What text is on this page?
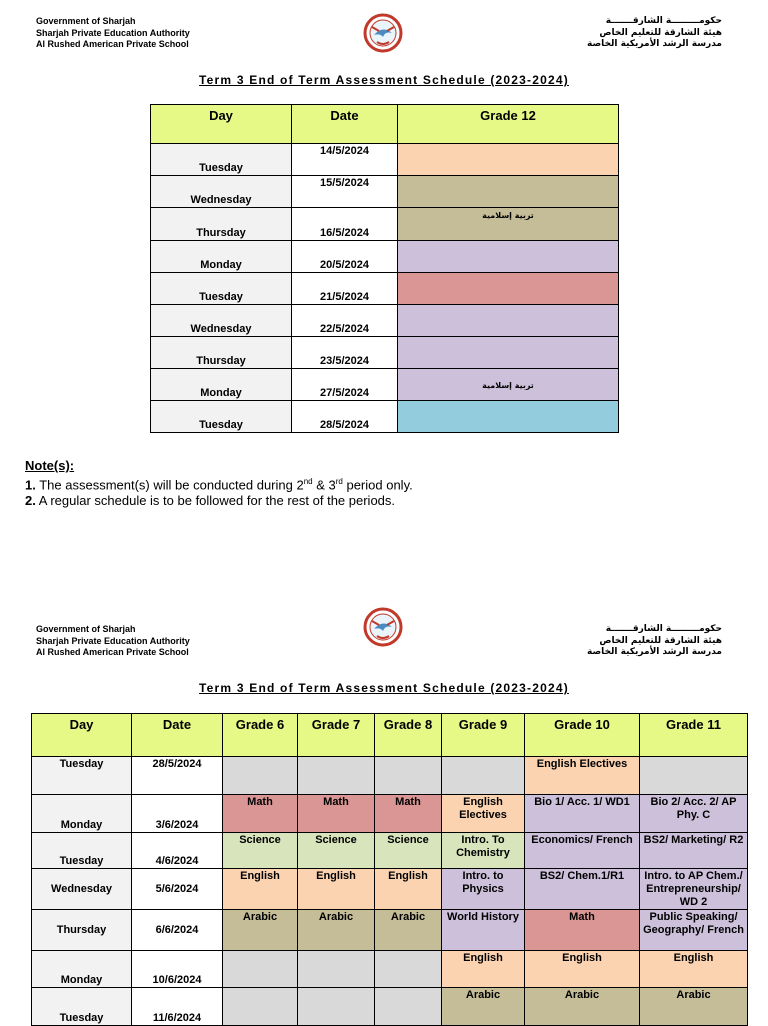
Government of Sharjah
Sharjah Private Education Authority
Al Rushed American Private School
حكومـــــــــة الشارقـــــــة
هيئة الشارقة للتعليم الخاص
مدرسة الرشد الأمريكية الخاصة
Term 3 End of Term Assessment Schedule (2023-2024)
Day	Date	Grade 12
Tuesday	14/5/2024	
Wednesday	15/5/2024	
Thursday	16/5/2024	تربية إسلامية
Monday	20/5/2024	
Tuesday	21/5/2024	
Wednesday	22/5/2024	
Thursday	23/5/2024	
Monday	27/5/2024	تربية إسلامية
Tuesday	28/5/2024	
Note(s):
1. The assessment(s) will be conducted during 2nd & 3rd period only.
2. A regular schedule is to be followed for the rest of the periods.
Government of Sharjah
Sharjah Private Education Authority
Al Rushed American Private School
حكومـــــــــة الشارقـــــــة
هيئة الشارقة للتعليم الخاص
مدرسة الرشد الأمريكية الخاصة
Term 3 End of Term Assessment Schedule (2023-2024)
Day	Date	Grade 6	Grade 7	Grade 8	Grade 9	Grade 10	Grade 11
Tuesday	28/5/2024					English Electives	
Monday	3/6/2024	Math	Math	Math	English Electives	Bio 1/ Acc. 1/ WD1	Bio 2/ Acc. 2/ AP Phy. C
Tuesday	4/6/2024	Science	Science	Science	Intro. To Chemistry	Economics/ French	BS2/ Marketing/ R2
Wednesday	5/6/2024	English	English	English	Intro. to Physics	BS2/ Chem.1/R1	Intro. to AP Chem./ Entrepreneurship/ WD 2
Thursday	6/6/2024	Arabic	Arabic	Arabic	World History	Math	Public Speaking/ Geography/ French
Monday	10/6/2024				English	English	English
Tuesday	11/6/2024				Arabic	Arabic	Arabic
